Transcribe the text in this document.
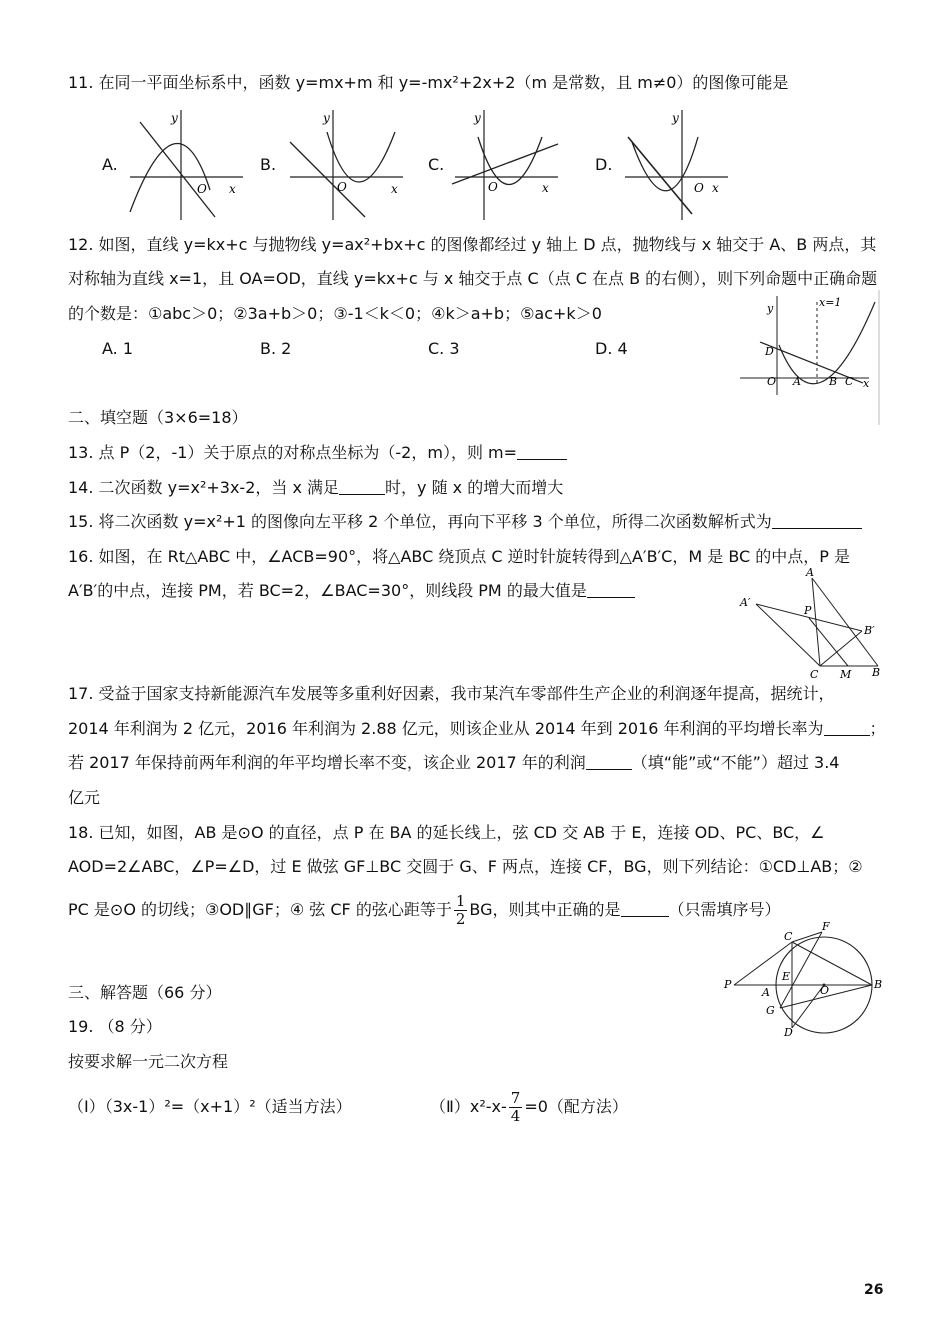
11. 在同一平面坐标系中，函数 y=mx+m 和 y=-mx²+2x+2（m 是常数，且 m≠0）的图像可能是
A.
y
O x
B.
y
O	x
C.
y
O	x
D.
y
O x
12. 如图，直线 y=kx+c 与抛物线 y=ax²+bx+c 的图像都经过 y 轴上 D 点，抛物线与 x 轴交于 A、B 两点，其
对称轴为直线 x=1，且 OA=OD，直线 y=kx+c 与 x 轴交于点 C（点 C 在点 B 的右侧），则下列命题中正确命题
的个数是：①abc＞0；②3a+b＞0；③-1＜k＜0；④k＞a+b；⑤ac+k＞0
A. 1	B. 2	C. 3	D. 4
y	x=1
D
O A	B C x
二、填空题（3×6=18）
13. 点 P（2，-1）关于原点的对称点坐标为（-2，m），则 m=
14. 二次函数 y=x²+3x-2，当 x 满足	时，y 随 x 的增大而增大
15. 将二次函数 y=x²+1 的图像向左平移 2 个单位，再向下平移 3 个单位，所得二次函数解析式为
16. 如图，在 Rt△ABC 中，∠ACB=90°，将△ABC 绕顶点 C 逆时针旋转得到△A′B′C，M 是 BC 的中点，P 是
A′B′的中点，连接 PM，若 BC=2，∠BAC=30°，则线段 PM 的最大值是
A
A′
P
B′
C M B
17. 受益于国家支持新能源汽车发展等多重利好因素，我市某汽车零部件生产企业的利润逐年提高，据统计，
2014 年利润为 2 亿元，2016 年利润为 2.88 亿元，则该企业从 2014 年到 2016 年利润的平均增长率为	；
若 2017 年保持前两年利润的年平均增长率不变，该企业 2017 年的利润	（填“能”或“不能”）超过 3.4
亿元
18. 已知，如图，AB 是⊙O 的直径，点 P 在 BA 的延长线上，弦 CD 交 AB 于 E，连接 OD、PC、BC，∠
AOD=2∠ABC，∠P=∠D，过 E 做弦 GF⊥BC 交圆于 G、F 两点，连接 CF，BG，则下列结论：①CD⊥AB；②
PC 是⊙O 的切线；③OD∥GF；④ 弦 CF 的弦心距等于 $\frac{1}{2}$ BG，则其中正确的是	（只需填序号）
C
F
P
E
A	O	B
G
D
三、解答题（66 分）
19. （8 分）
按要求解一元二次方程
（Ⅰ）（3x-1）²=（x+1）²（适当方法）	（Ⅱ）x²-x- $\frac{7}{4} =0$（配方法）
26
